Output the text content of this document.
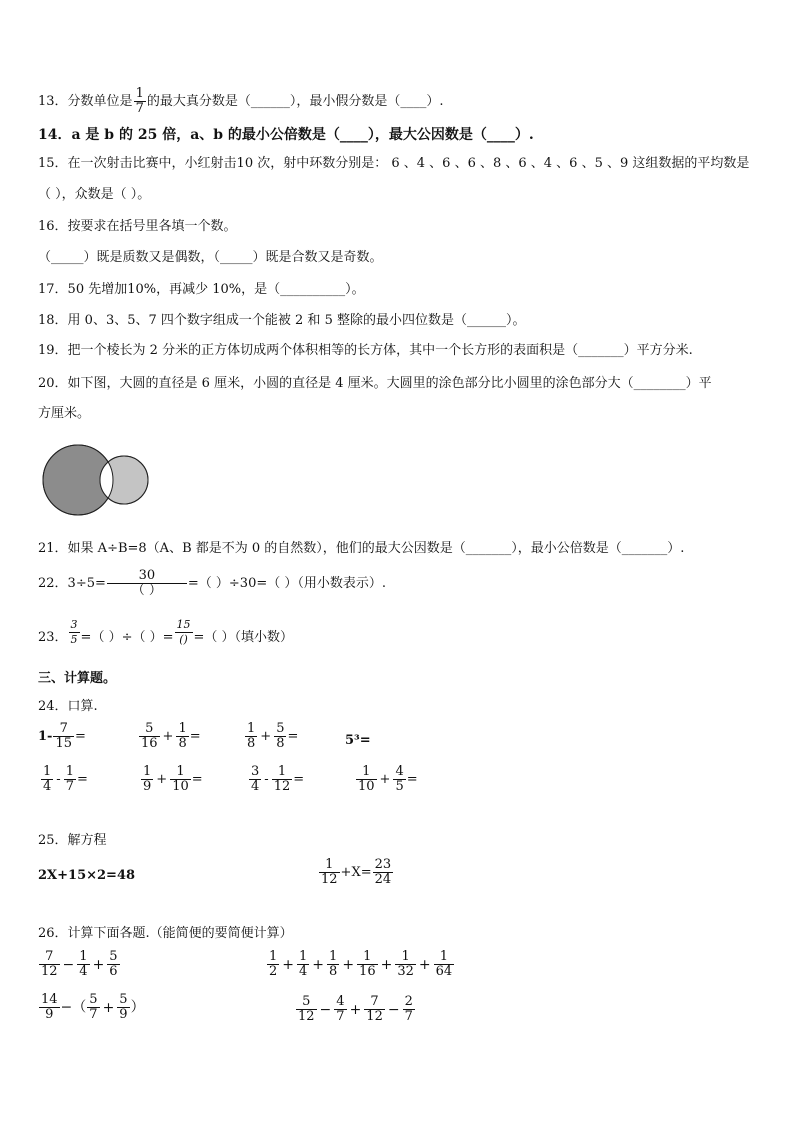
13．分数单位是 $\frac{1}{7}$ 的最大真分数是（______），最小假分数是（____）.
14．a 是 b 的 25 倍，a、b 的最小公倍数是（____），最大公因数是（____）.
15．在一次射击比赛中，小红射击10 次，射中环数分别是： 6 、4 、6 、6 、8 、6 、4 、6 、5 、9 这组数据的平均数是
（ ），众数是（ ）。
16．按要求在括号里各填一个数。
（_____）既是质数又是偶数，（_____）既是合数又是奇数。
17．50 先增加10%，再减少 10%，是（__________）。
18．用 0、3、5、7 四个数字组成一个能被 2 和 5 整除的最小四位数是（______）。
19．把一个棱长为 2 分米的正方体切成两个体积相等的长方体，其中一个长方形的表面积是（_______）平方分米.
20．如下图，大圆的直径是 6 厘米，小圆的直径是 4 厘米。大圆里的涂色部分比小圆里的涂色部分大（________）平
方厘米。
21．如果 A÷B=8（A、B 都是不为 0 的自然数），他们的最大公因数是（_______），最小公倍数是（_______）.
22．$3\div 5= \frac{30}{( )}$ =（ ）÷30=（ ）（用小数表示）.
23． $\frac{3}{5}$ =（ ）÷（ ）= $\frac{15}{()}$ =（ ）（填小数）
三、计算题。
24．口算.
$1- \frac{7}{15}$ =	$\frac{5}{16} + \frac{1}{8}$ =	$\frac{1}{8} + \frac{5}{8}$ =	5³=
$\frac{1}{4} - \frac{1}{7}$ =	$\frac{1}{9} + \frac{1}{10}$ =	$\frac{3}{4} - \frac{1}{12}$ =	$\frac{1}{10} + \frac{4}{5}$ =
25．解方程
2X+15×2=48	$\frac{1}{12} +X= \frac{23}{24}$
26．计算下面各题.（能简便的要简便计算）
$\frac{7}{12} - \frac{1}{4} + \frac{5}{6}$	$\frac{1}{2} + \frac{1}{4} + \frac{1}{8} + \frac{1}{16} + \frac{1}{32} + \frac{1}{64}$
$\frac{14}{9}$ −（ $\frac{5}{7} + \frac{5}{9}$ ）	$\frac{5}{12} - \frac{4}{7} + \frac{7}{12} - \frac{2}{7}$
